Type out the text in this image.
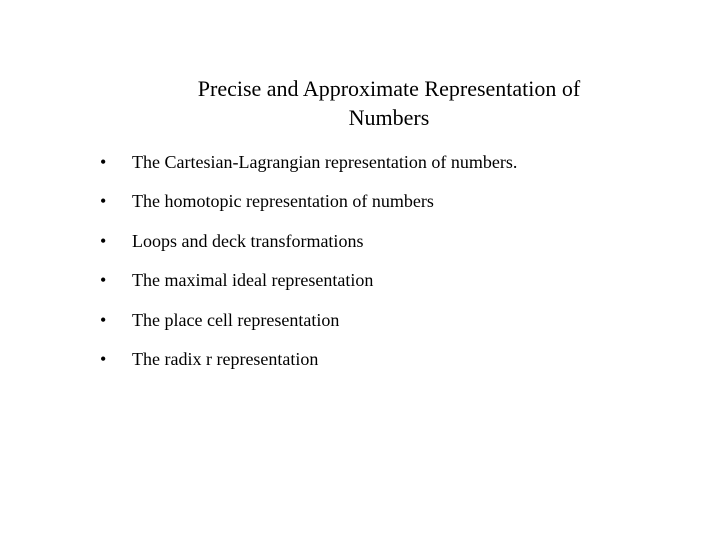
Precise and Approximate Representation of
Numbers
•	The Cartesian-Lagrangian representation of numbers.
•	The homotopic representation of numbers
•	Loops and deck transformations
•	The maximal ideal representation
•	The place cell representation
•	The radix r representation
